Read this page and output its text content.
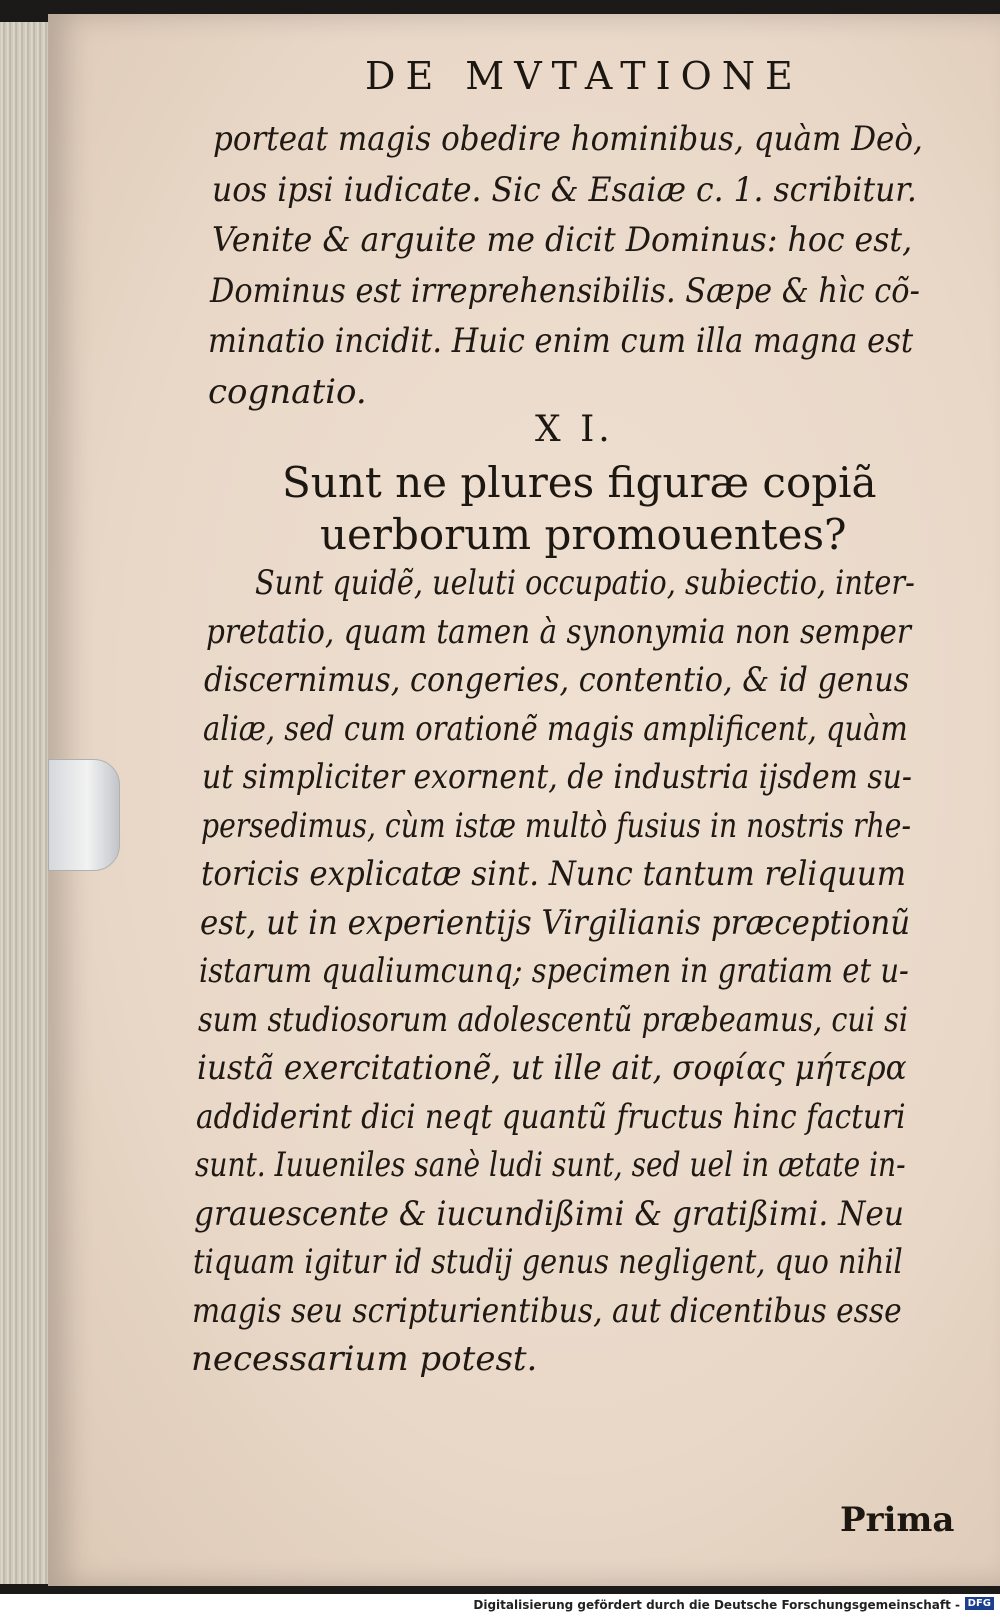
DE MVTATIONE
porteat magis obedire hominibus, quàm Deò,
uos ipsi iudicate. Sic & Esaiæ c. 1. scribitur.
Venite & arguite me dicit Dominus: hoc est,
Dominus est irreprehensibilis. Sæpe & hìc cõ-
minatio incidit. Huic enim cum illa magna est
cognatio.
X I.
Sunt ne plures figuræ copiã
uerborum promouentes?
Sunt quidẽ, ueluti occupatio, subiectio, inter-
pretatio, quam tamen à synonymia non semper
discernimus, congeries, contentio, & id genus
aliæ, sed cum orationẽ magis amplificent, quàm
ut simpliciter exornent, de industria ijsdem su-
persedimus, cùm istæ multò fusius in nostris rhe-
toricis explicatæ sint. Nunc tantum reliquum
est, ut in experientijs Virgilianis præceptionũ
istarum qualiumcunq; specimen in gratiam et u-
sum studiosorum adolescentũ præbeamus, cui si
iustã exercitationẽ, ut ille ait, σοφίας μήτερα
addiderint dici neqt quantũ fructus hinc facturi
sunt. Iuueniles sanè ludi sunt, sed uel in ætate in-
grauescente & iucundißimi & gratißimi. Neu
tiquam igitur id studij genus negligent, quo nihil
magis seu scripturientibus, aut dicentibus esse
necessarium potest.
Prima
Digitalisierung gefördert durch die Deutsche Forschungsgemeinschaft - DFG
